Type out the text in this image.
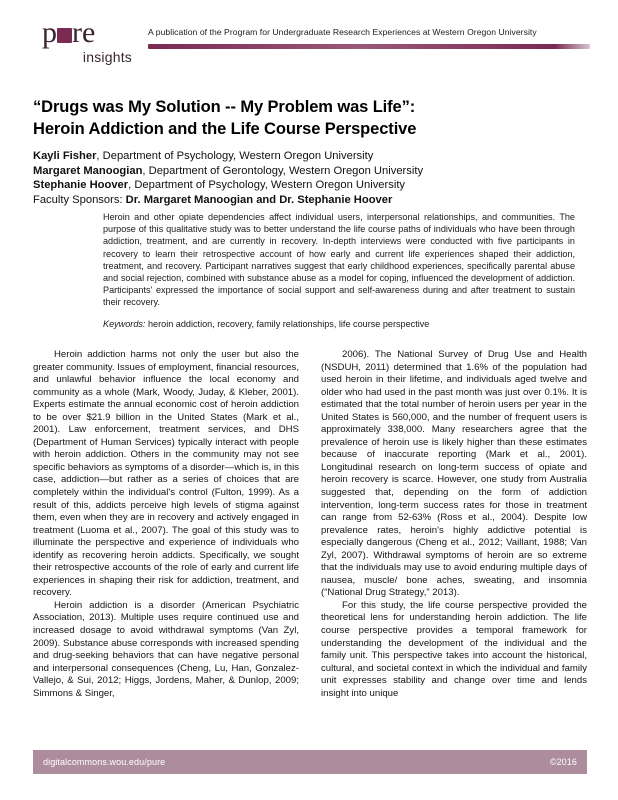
p re
insights
A publication of the Program for Undergraduate Research Experiences at Western Oregon University
“Drugs was My Solution -- My Problem was Life”:
Heroin Addiction and the Life Course Perspective
Kayli Fisher, Department of Psychology, Western Oregon University
Margaret Manoogian, Department of Gerontology, Western Oregon University
Stephanie Hoover, Department of Psychology, Western Oregon University
Faculty Sponsors: Dr. Margaret Manoogian and Dr. Stephanie Hoover
Heroin and other opiate dependencies affect individual users, interpersonal relationships, and communities. The purpose of this qualitative study was to better understand the life course paths of individuals who have been through addiction, treatment, and are currently in recovery. In-depth interviews were conducted with five participants in recovery to learn their retrospective account of how early and current life experiences shaped their addiction, treatment, and recovery. Participant narratives suggest that early childhood experiences, specifically parental abuse and social rejection, combined with substance abuse as a model for coping, influenced the development of addiction. Participants' expressed the importance of social support and self-awareness during and after treatment to sustain their recovery.
Keywords: heroin addiction, recovery, family relationships, life course perspective

Heroin addiction harms not only the user but also the greater community. Issues of employment, financial resources, and unlawful behavior influence the local economy and community as a whole (Mark, Woody, Juday, & Kleber, 2001). Experts estimate the annual economic cost of heroin addiction to be over $21.9 billion in the United States (Mark et al., 2001). Law enforcement, treatment services, and DHS (Department of Human Services) typically interact with people with heroin addiction. Others in the community may not see specific behaviors as symptoms of a disorder—which is, in this case, addiction—but rather as a series of choices that are completely within the individual's control (Fulton, 1999). As a result of this, addicts perceive high levels of stigma against them, even when they are in recovery and actively engaged in treatment (Luoma et al., 2007). The goal of this study was to illuminate the perspective and experience of individuals who identify as recovering heroin addicts. Specifically, we sought their retrospective accounts of the role of early and current life experiences in shaping their risk for addiction, treatment, and recovery.

Heroin addiction is a disorder (American Psychiatric Association, 2013). Multiple uses require continued use and increased dosage to avoid withdrawal symptoms (Van Zyl, 2009). Substance abuse corresponds with increased spending and drug-seeking behaviors that can have negative personal and interpersonal consequences (Cheng, Lu, Han, Gonzalez-Vallejo, & Sui, 2012; Higgs, Jordens, Maher, & Dunlop, 2009; Simmons & Singer,

2006). The National Survey of Drug Use and Health (NSDUH, 2011) determined that 1.6% of the population had used heroin in their lifetime, and individuals aged twelve and older who had used in the past month was just over 0.1%. It is estimated that the total number of heroin users per year in the United States is 560,000, and the number of frequent users is approximately 338,000. Many researchers agree that the prevalence of heroin use is likely higher than these estimates because of inaccurate reporting (Mark et al., 2001). Longitudinal research on long-term success of opiate and heroin recovery is scarce. However, one study from Australia suggested that, depending on the form of addiction intervention, long-term success rates for those in treatment can range from 52-63% (Ross et al., 2004). Despite low prevalence rates, heroin's highly addictive potential is especially dangerous (Cheng et al., 2012; Vaillant, 1988; Van Zyl, 2007). Withdrawal symptoms of heroin are so extreme that the individuals may use to avoid enduring multiple days of nausea, muscle/ bone aches, sweating, and insomnia (“National Drug Strategy,” 2013).

For this study, the life course perspective provided the theoretical lens for understanding heroin addiction. The life course perspective provides a temporal framework for understanding the development of the individual and the family unit. This perspective takes into account the historical, cultural, and societal context in which the individual and family unit expresses stability and change over time and lends insight into unique

digitalcommons.wou.edu/pure	©2016
